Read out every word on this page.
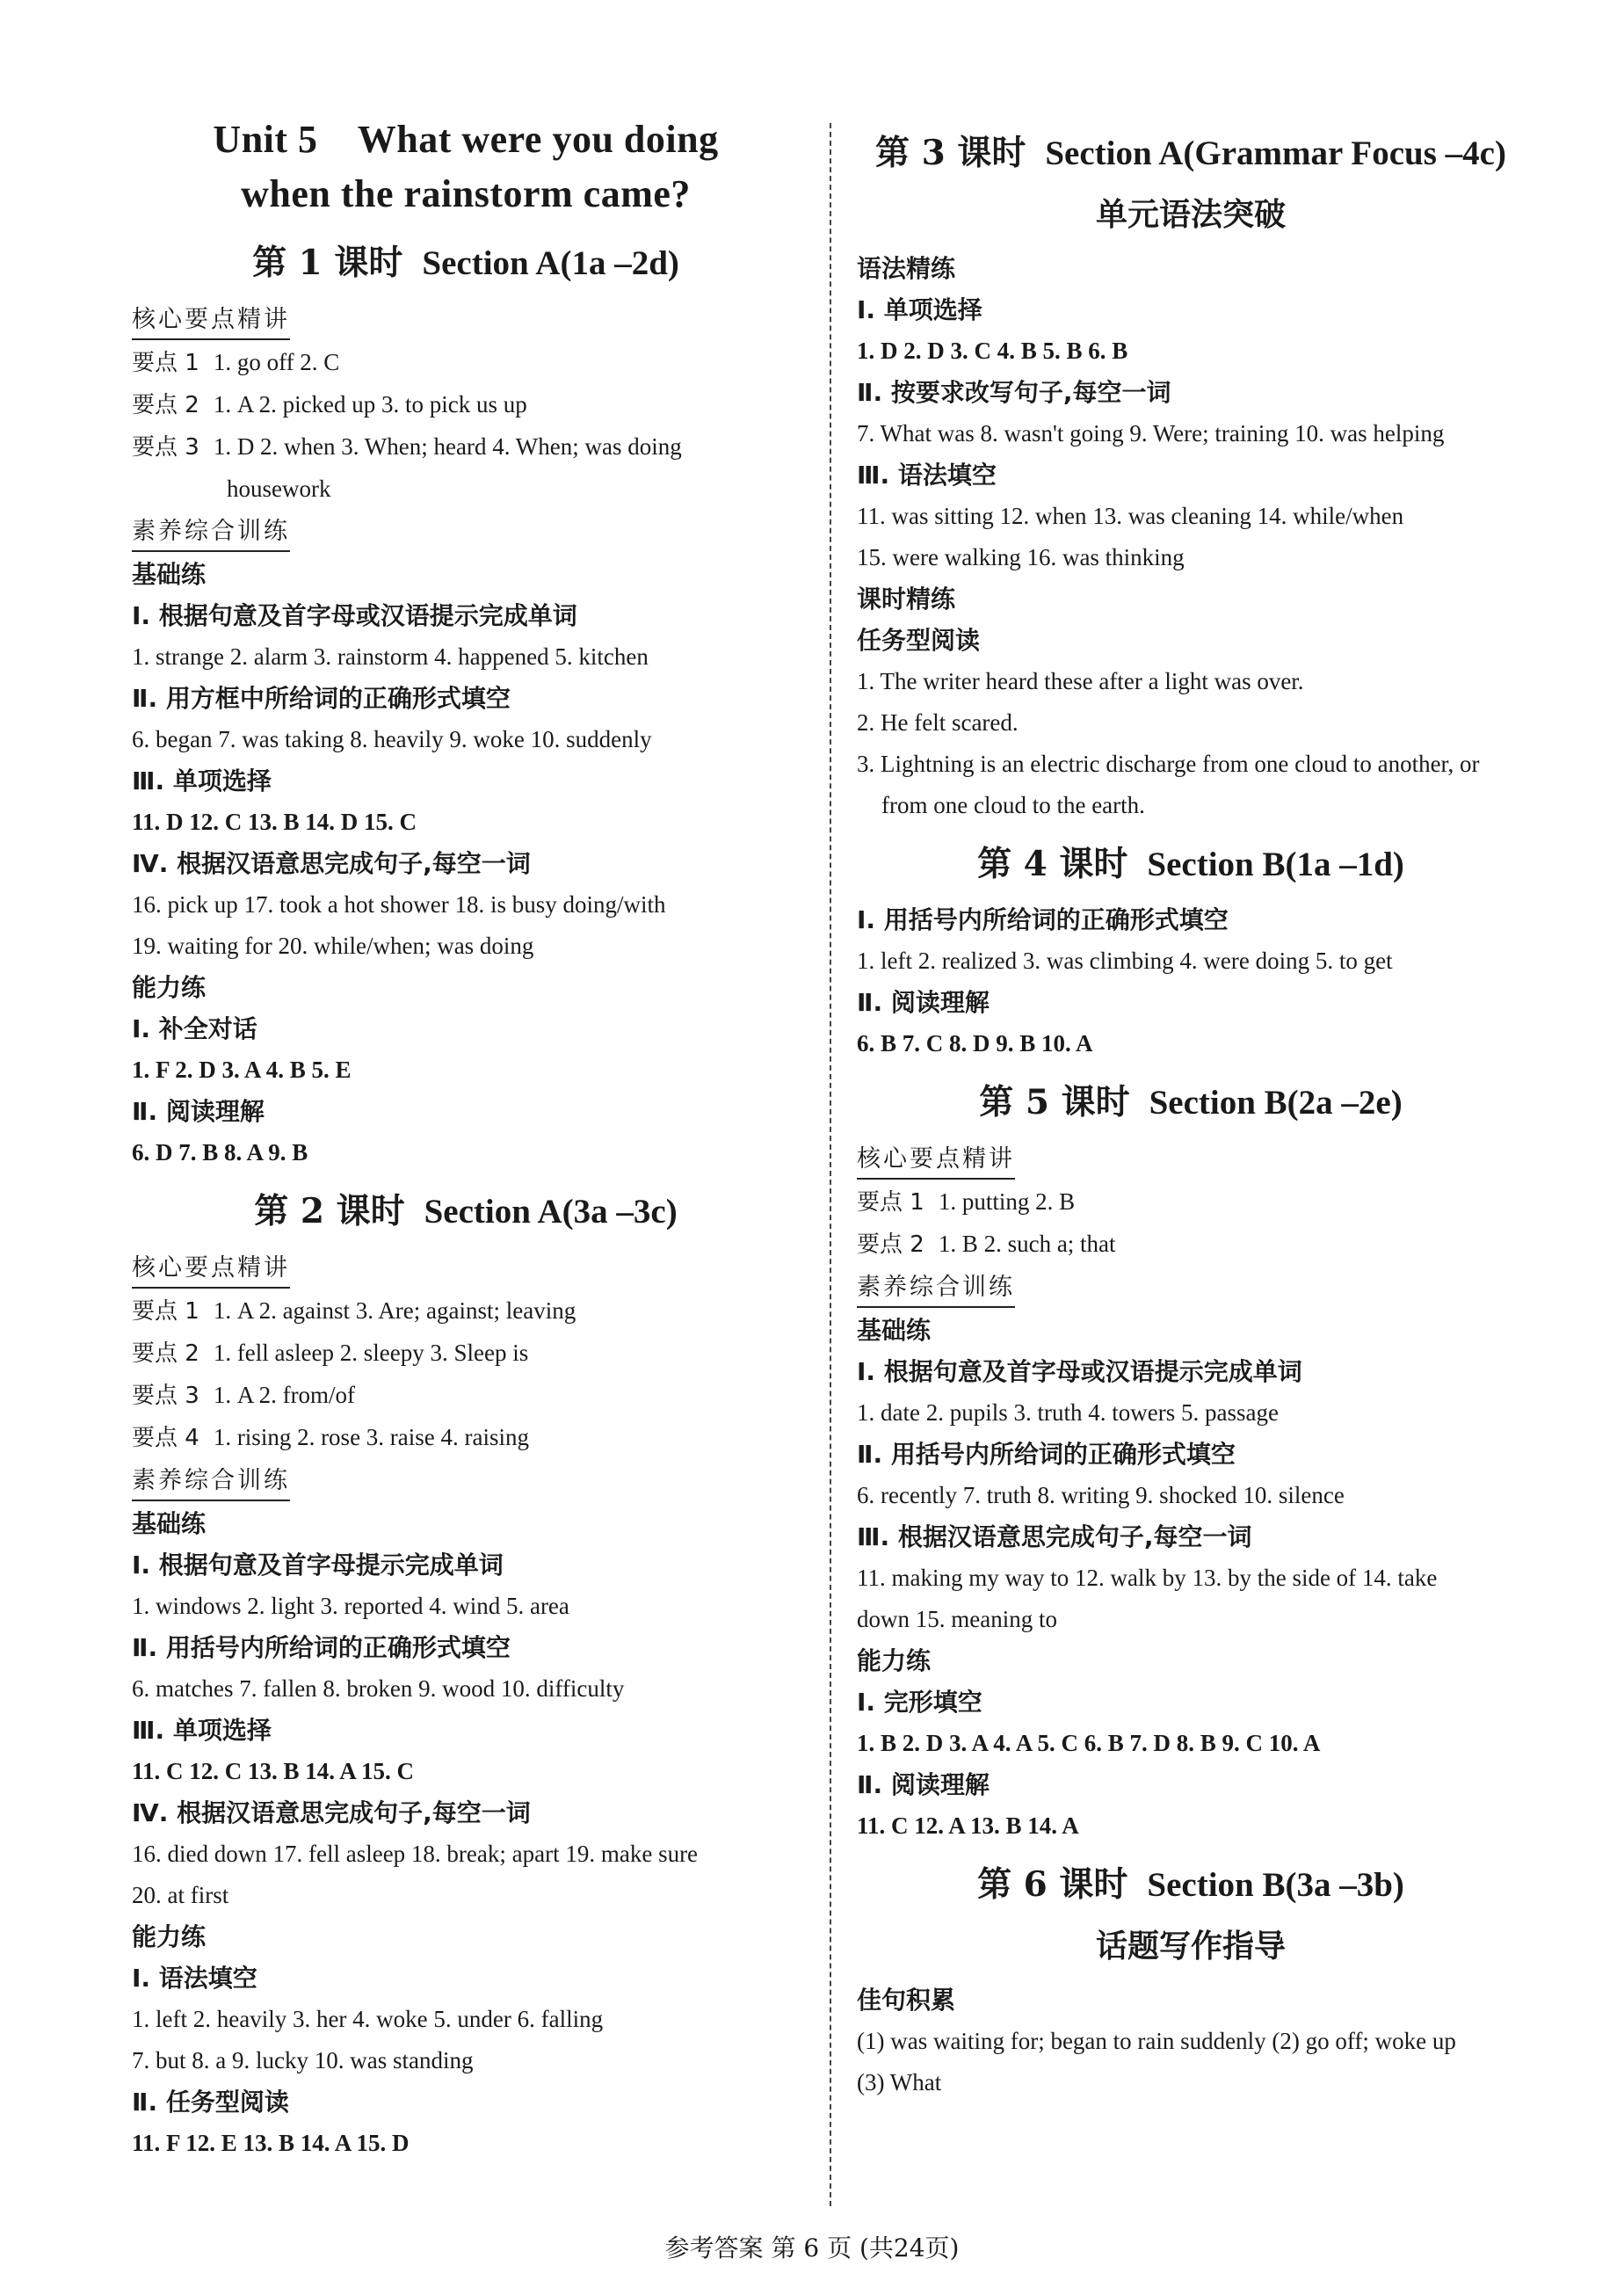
Unit 5    What were you doing
when the rainstorm came?
第 1 课时 Section A(1a –2d)
核心要点精讲
要点 1 1. go off 2. C
要点 2 1. A 2. picked up 3. to pick us up
要点 3 1. D 2. when 3. When; heard 4. When; was doing
housework
素养综合训练
基础练
Ⅰ. 根据句意及首字母或汉语提示完成单词
1. strange 2. alarm 3. rainstorm 4. happened 5. kitchen
Ⅱ. 用方框中所给词的正确形式填空
6. began 7. was taking 8. heavily 9. woke 10. suddenly
Ⅲ. 单项选择
11. D 12. C 13. B 14. D 15. C
Ⅳ. 根据汉语意思完成句子,每空一词
16. pick up 17. took a hot shower 18. is busy doing/with
19. waiting for 20. while/when; was doing
能力练
Ⅰ. 补全对话
1. F 2. D 3. A 4. B 5. E
Ⅱ. 阅读理解
6. D 7. B 8. A 9. B
第 2 课时 Section A(3a –3c)
核心要点精讲
要点 1 1. A 2. against 3. Are; against; leaving
要点 2 1. fell asleep 2. sleepy 3. Sleep is
要点 3 1. A 2. from/of
要点 4 1. rising 2. rose 3. raise 4. raising
素养综合训练
基础练
Ⅰ. 根据句意及首字母提示完成单词
1. windows 2. light 3. reported 4. wind 5. area
Ⅱ. 用括号内所给词的正确形式填空
6. matches 7. fallen 8. broken 9. wood 10. difficulty
Ⅲ. 单项选择
11. C 12. C 13. B 14. A 15. C
Ⅳ. 根据汉语意思完成句子,每空一词
16. died down 17. fell asleep 18. break; apart 19. make sure
20. at first
能力练
Ⅰ. 语法填空
1. left 2. heavily 3. her 4. woke 5. under 6. falling
7. but 8. a 9. lucky 10. was standing
Ⅱ. 任务型阅读
11. F 12. E 13. B 14. A 15. D
第 3 课时 Section A(Grammar Focus –4c)
单元语法突破
语法精练
Ⅰ. 单项选择
1. D 2. D 3. C 4. B 5. B 6. B
Ⅱ. 按要求改写句子,每空一词
7. What was 8. wasn't going 9. Were; training 10. was helping
Ⅲ. 语法填空
11. was sitting 12. when 13. was cleaning 14. while/when
15. were walking 16. was thinking
课时精练
任务型阅读
1. The writer heard these after a light was over.
2. He felt scared.
3. Lightning is an electric discharge from one cloud to another, or
from one cloud to the earth.
第 4 课时 Section B(1a –1d)
Ⅰ. 用括号内所给词的正确形式填空
1. left 2. realized 3. was climbing 4. were doing 5. to get
Ⅱ. 阅读理解
6. B 7. C 8. D 9. B 10. A
第 5 课时 Section B(2a –2e)
核心要点精讲
要点 1 1. putting 2. B
要点 2 1. B 2. such a; that
素养综合训练
基础练
Ⅰ. 根据句意及首字母或汉语提示完成单词
1. date 2. pupils 3. truth 4. towers 5. passage
Ⅱ. 用括号内所给词的正确形式填空
6. recently 7. truth 8. writing 9. shocked 10. silence
Ⅲ. 根据汉语意思完成句子,每空一词
11. making my way to 12. walk by 13. by the side of 14. take
down 15. meaning to
能力练
Ⅰ. 完形填空
1. B 2. D 3. A 4. A 5. C 6. B 7. D 8. B 9. C 10. A
Ⅱ. 阅读理解
11. C 12. A 13. B 14. A
第 6 课时 Section B(3a –3b)
话题写作指导
佳句积累
(1) was waiting for; began to rain suddenly (2) go off; woke up
(3) What
参考答案 第 6 页 (共24页)
